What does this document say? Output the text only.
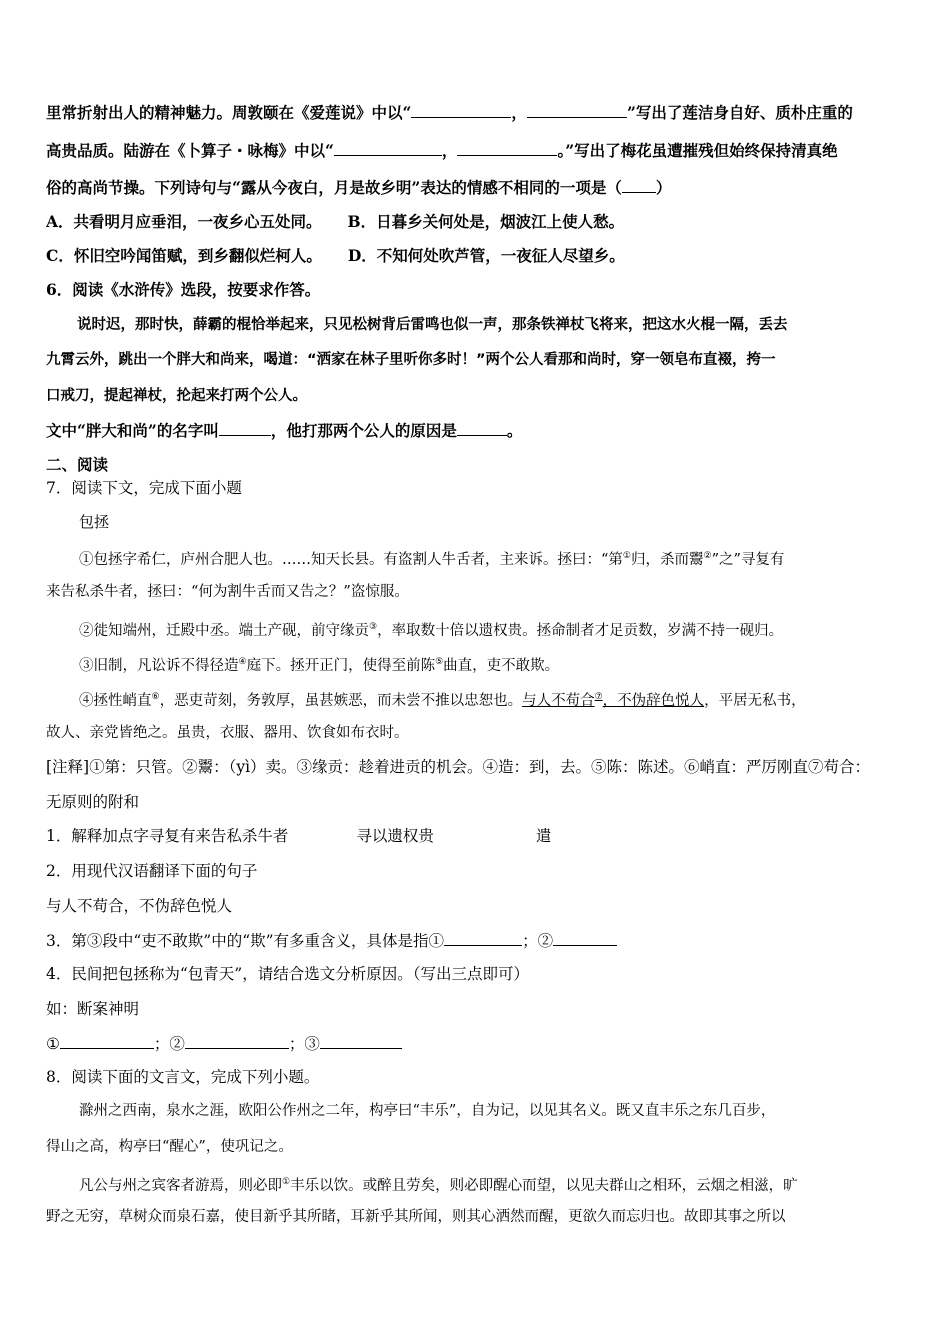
里常折射出人的精神魅力。周敦颐在《爱莲说》中以“	，	”写出了莲洁身自好、质朴庄重的
高贵品质。陆游在《卜算子・咏梅》中以“	，	。”写出了梅花虽遭摧残但始终保持清真绝
俗的高尚节操。下列诗句与“露从今夜白，月是故乡明”表达的情感不相同的一项是（ ）
A．共看明月应垂泪，一夜乡心五处同。 B．日暮乡关何处是，烟波江上使人愁。
C．怀旧空吟闻笛赋，到乡翻似烂柯人。 D．不知何处吹芦管，一夜征人尽望乡。
6．阅读《水浒传》选段，按要求作答。
说时迟，那时快，薛霸的棍恰举起来，只见松树背后雷鸣也似一声，那条铁禅杖飞将来，把这水火棍一隔，丢去
九霄云外，跳出一个胖大和尚来，喝道：“洒家在林子里听你多时！”两个公人看那和尚时，穿一领皂布直裰，挎一
口戒刀，提起禅杖，抡起来打两个公人。
文中“胖大和尚”的名字叫	，他打那两个公人的原因是	。
二、阅读
7．阅读下文，完成下面小题
包拯
①包拯字希仁，庐州合肥人也。……知天长县。有盗割人牛舌者，主来诉。拯曰：“第①归，杀而鬻②”之”寻复有
来告私杀牛者，拯曰：“何为割牛舌而又告之？”盗惊服。
②徙知端州，迁殿中丞。端土产砚，前守缘贡③，率取数十倍以遗权贵。拯命制者才足贡数，岁满不持一砚归。
③旧制，凡讼诉不得径造④庭下。拯开正门，使得至前陈⑤曲直，吏不敢欺。
④拯性峭直⑥，恶吏苛刻，务敦厚，虽甚嫉恶，而未尝不推以忠恕也。与人不苟合⑦，不伪辞色悦人，平居无私书，
故人、亲党皆绝之。虽贵，衣服、器用、饮食如布衣时。
[注释]①第：只管。②鬻：（yì）卖。③缘贡：趁着进贡的机会。④造：到，去。⑤陈：陈述。⑥峭直：严厉刚直⑦苟合：
无原则的附和
1．解释加点字寻复有来告私杀牛者	寻以遗权贵	遣
2．用现代汉语翻译下面的句子
与人不苟合，不伪辞色悦人
3．第③段中“吏不敢欺”中的“欺”有多重含义，具体是指①	；②
4．民间把包拯称为“包青天”，请结合选文分析原因。（写出三点即可）
如：断案神明
①	；②	；③
8．阅读下面的文言文，完成下列小题。
滁州之西南，泉水之涯，欧阳公作州之二年，构亭曰“丰乐”，自为记，以见其名义。既又直丰乐之东几百步，
得山之高，构亭曰“醒心”，使巩记之。
凡公与州之宾客者游焉，则必即①丰乐以饮。或醉且劳矣，则必即醒心而望，以见夫群山之相环，云烟之相滋，旷
野之无穷，草树众而泉石嘉，使目新乎其所睹，耳新乎其所闻，则其心洒然而醒，更欲久而忘归也。故即其事之所以
